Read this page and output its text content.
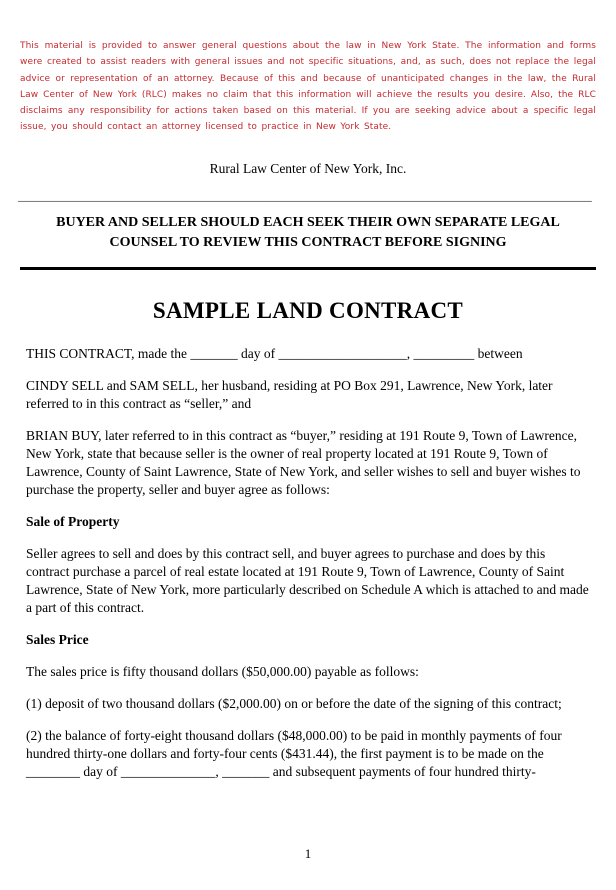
This material is provided to answer general questions about the law in New York State. The information and forms were created to assist readers with general issues and not specific situations, and, as such, does not replace the legal advice or representation of an attorney. Because of this and because of unanticipated changes in the law, the Rural Law Center of New York (RLC) makes no claim that this information will achieve the results you desire. Also, the RLC disclaims any responsibility for actions taken based on this material. If you are seeking advice about a specific legal issue, you should contact an attorney licensed to practice in New York State.
Rural Law Center of New York, Inc.
_____________________________________________________________________________________
BUYER AND SELLER SHOULD EACH SEEK THEIR OWN SEPARATE LEGAL COUNSEL TO REVIEW THIS CONTRACT BEFORE SIGNING
SAMPLE LAND CONTRACT

THIS CONTRACT, made the _______ day of ___________________, _________ between

CINDY SELL and SAM SELL, her husband, residing at PO Box 291, Lawrence, New York, later referred to in this contract as “seller,” and

BRIAN BUY, later referred to in this contract as “buyer,” residing at 191 Route 9, Town of Lawrence, New York, state that because seller is the owner of real property located at 191 Route 9, Town of Lawrence, County of Saint Lawrence, State of New York, and seller wishes to sell and buyer wishes to purchase the property, seller and buyer agree as follows:

Sale of Property

Seller agrees to sell and does by this contract sell, and buyer agrees to purchase and does by this contract purchase a parcel of real estate located at 191 Route 9, Town of Lawrence, County of Saint Lawrence, State of New York, more particularly described on Schedule A which is attached to and made a part of this contract.

Sales Price

The sales price is fifty thousand dollars ($50,000.00) payable as follows:

(1) deposit of two thousand dollars ($2,000.00) on or before the date of the signing of this contract;

(2) the balance of forty-eight thousand dollars ($48,000.00) to be paid in monthly payments of four hundred thirty-one dollars and forty-four cents ($431.44), the first payment is to be made on the ________ day of ______________, _______ and subsequent payments of four hundred thirty-

1
